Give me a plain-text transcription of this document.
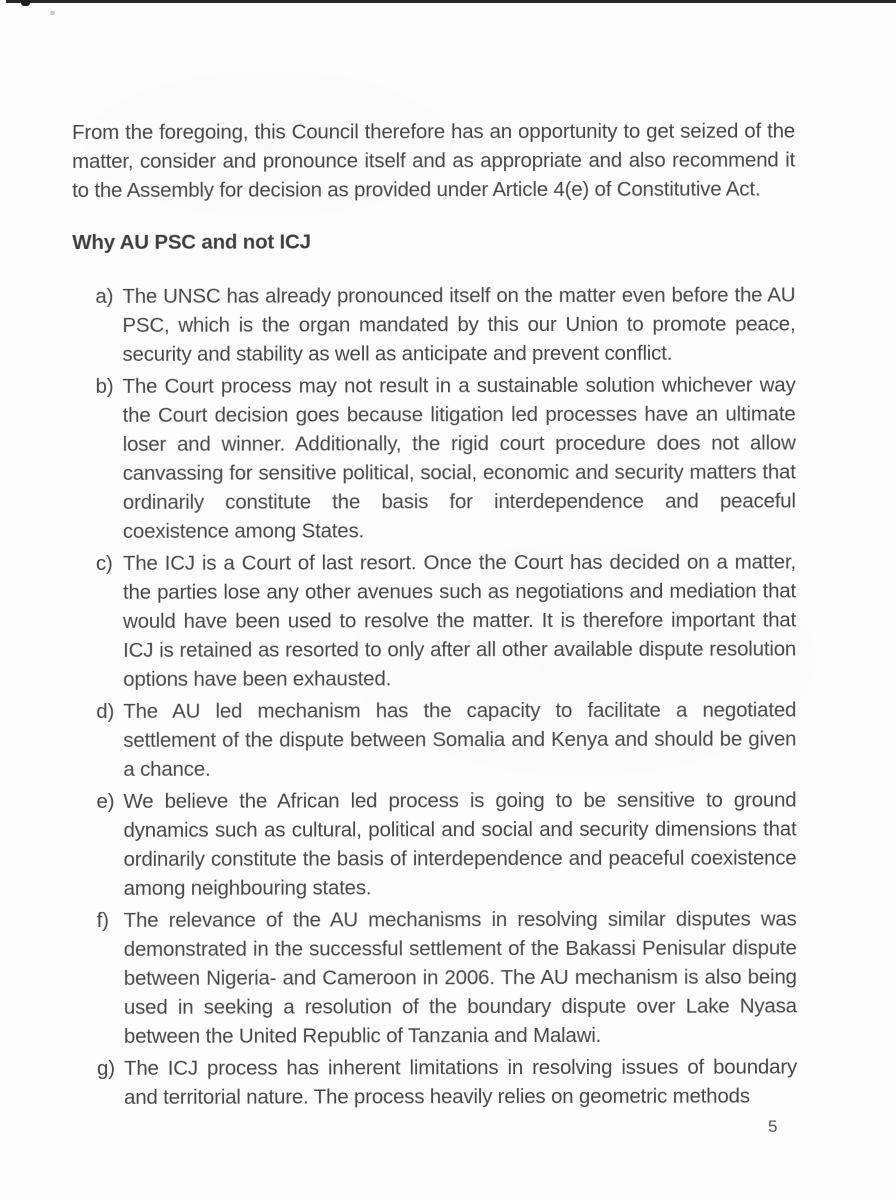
From the foregoing, this Council therefore has an opportunity to get seized of the matter, consider and pronounce itself and as appropriate and also recommend it to the Assembly for decision as provided under Article 4(e) of Constitutive Act.

Why AU PSC and not ICJ
a) The UNSC has already pronounced itself on the matter even before the AU PSC, which is the organ mandated by this our Union to promote peace, security and stability as well as anticipate and prevent conflict.
b) The Court process may not result in a sustainable solution whichever way the Court decision goes because litigation led processes have an ultimate loser and winner. Additionally, the rigid court procedure does not allow canvassing for sensitive political, social, economic and security matters that ordinarily constitute the basis for interdependence and peaceful coexistence among States.
c) The ICJ is a Court of last resort. Once the Court has decided on a matter, the parties lose any other avenues such as negotiations and mediation that would have been used to resolve the matter. It is therefore important that ICJ is retained as resorted to only after all other available dispute resolution options have been exhausted.
d) The AU led mechanism has the capacity to facilitate a negotiated settlement of the dispute between Somalia and Kenya and should be given a chance.
e) We believe the African led process is going to be sensitive to ground dynamics such as cultural, political and social and security dimensions that ordinarily constitute the basis of interdependence and peaceful coexistence among neighbouring states.
f) The relevance of the AU mechanisms in resolving similar disputes was demonstrated in the successful settlement of the Bakassi Penisular dispute between Nigeria- and Cameroon in 2006. The AU mechanism is also being used in seeking a resolution of the boundary dispute over Lake Nyasa between the United Republic of Tanzania and Malawi.
g) The ICJ process has inherent limitations in resolving issues of boundary and territorial nature. The process heavily relies on geometric methods
5
